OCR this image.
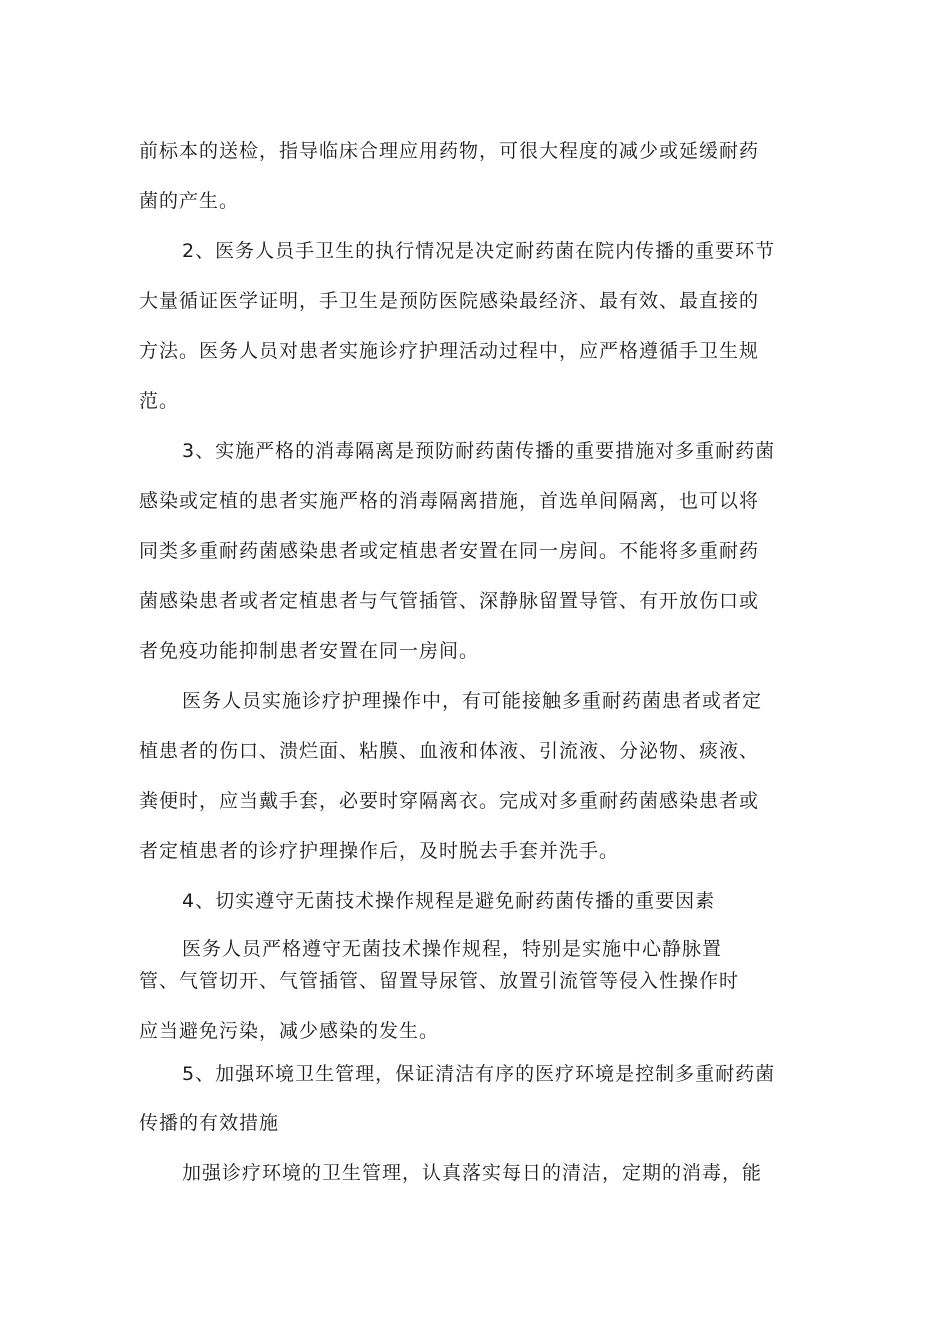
前标本的送检，指导临床合理应用药物，可很大程度的减少或延缓耐药
菌的产生。
2、医务人员手卫生的执行情况是决定耐药菌在院内传播的重要环节
大量循证医学证明，手卫生是预防医院感染最经济、最有效、最直接的
方法。医务人员对患者实施诊疗护理活动过程中，应严格遵循手卫生规
范。
3、实施严格的消毒隔离是预防耐药菌传播的重要措施对多重耐药菌
感染或定植的患者实施严格的消毒隔离措施，首选单间隔离，也可以将
同类多重耐药菌感染患者或定植患者安置在同一房间。不能将多重耐药
菌感染患者或者定植患者与气管插管、深静脉留置导管、有开放伤口或
者免疫功能抑制患者安置在同一房间。
医务人员实施诊疗护理操作中，有可能接触多重耐药菌患者或者定
植患者的伤口、溃烂面、粘膜、血液和体液、引流液、分泌物、痰液、
粪便时，应当戴手套，必要时穿隔离衣。完成对多重耐药菌感染患者或
者定植患者的诊疗护理操作后，及时脱去手套并洗手。
4、切实遵守无菌技术操作规程是避免耐药菌传播的重要因素
医务人员严格遵守无菌技术操作规程，特别是实施中心静脉置
管、气管切开、气管插管、留置导尿管、放置引流管等侵入性操作时
应当避免污染，减少感染的发生。
5、加强环境卫生管理，保证清洁有序的医疗环境是控制多重耐药菌
传播的有效措施
加强诊疗环境的卫生管理，认真落实每日的清洁，定期的消毒，能
